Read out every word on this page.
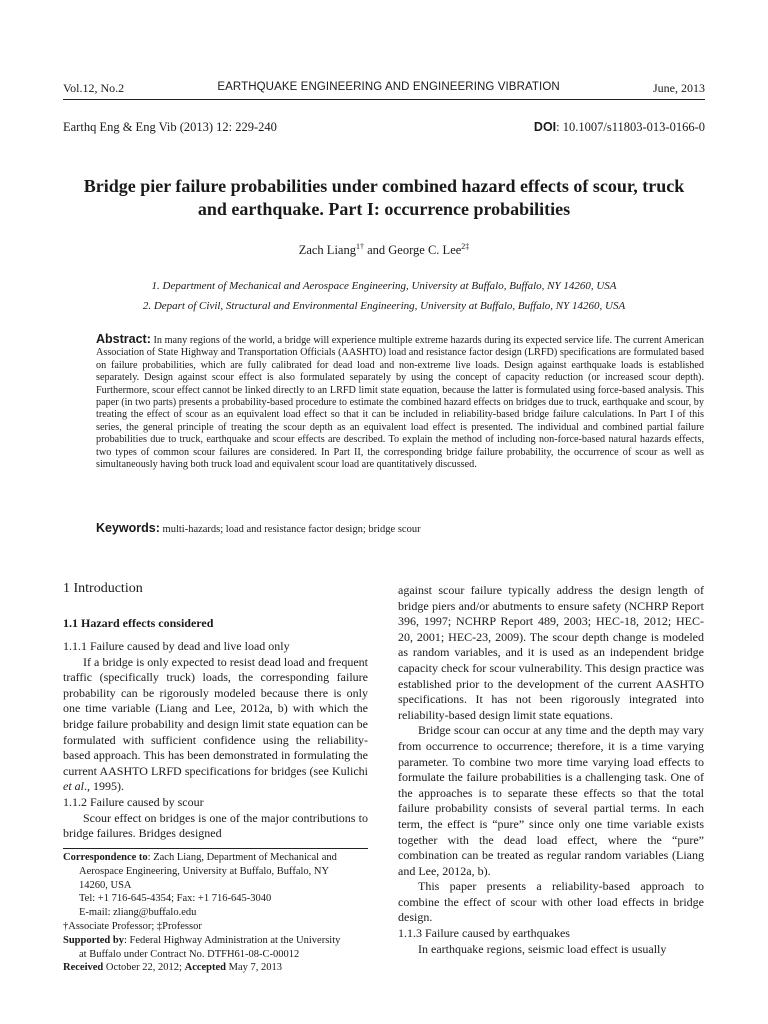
Vol.12, No.2	EARTHQUAKE ENGINEERING AND ENGINEERING VIBRATION	June, 2013
Earthq Eng & Eng Vib (2013) 12: 229-240	DOI: 10.1007/s11803-013-0166-0
Bridge pier failure probabilities under combined hazard effects of scour, truck and earthquake. Part I: occurrence probabilities
Zach Liang$^{1\dagger}$ and George C. Lee$^{2\ddagger}$
1. Department of Mechanical and Aerospace Engineering, University at Buffalo, Buffalo, NY 14260, USA
2. Depart of Civil, Structural and Environmental Engineering, University at Buffalo, Buffalo, NY 14260, USA
Abstract: In many regions of the world, a bridge will experience multiple extreme hazards during its expected service life. The current American Association of State Highway and Transportation Officials (AASHTO) load and resistance factor design (LRFD) specifications are formulated based on failure probabilities, which are fully calibrated for dead load and non-extreme live loads. Design against earthquake loads is established separately. Design against scour effect is also formulated separately by using the concept of capacity reduction (or increased scour depth). Furthermore, scour effect cannot be linked directly to an LRFD limit state equation, because the latter is formulated using force-based analysis. This paper (in two parts) presents a probability-based procedure to estimate the combined hazard effects on bridges due to truck, earthquake and scour, by treating the effect of scour as an equivalent load effect so that it can be included in reliability-based bridge failure calculations. In Part I of this series, the general principle of treating the scour depth as an equivalent load effect is presented. The individual and combined partial failure probabilities due to truck, earthquake and scour effects are described. To explain the method of including non-force-based natural hazards effects, two types of common scour failures are considered. In Part II, the corresponding bridge failure probability, the occurrence of scour as well as simultaneously having both truck load and equivalent scour load are quantitatively discussed.
Keywords: multi-hazards; load and resistance factor design; bridge scour
1 Introduction
1.1 Hazard effects considered

1.1.1 Failure caused by dead and live load only

If a bridge is only expected to resist dead load and frequent traffic (specifically truck) loads, the corresponding failure probability can be rigorously modeled because there is only one time variable (Liang and Lee, 2012a, b) with which the bridge failure probability and design limit state equation can be formulated with sufficient confidence using the reliability-based approach. This has been demonstrated in formulating the current AASHTO LRFD specifications for bridges (see Kulichi et al., 1995).

1.1.2 Failure caused by scour

Scour effect on bridges is one of the major contributions to bridge failures. Bridges designed

Correspondence to: Zach Liang, Department of Mechanical and
Aerospace Engineering, University at Buffalo, Buffalo, NY
14260, USA
Tel: +1 716-645-4354; Fax: +1 716-645-3040
E-mail: zliang@buffalo.edu
†Associate Professor; ‡Professor
Supported by: Federal Highway Administration at the University
at Buffalo under Contract No. DTFH61-08-C-00012
Received October 22, 2012; Accepted May 7, 2013

against scour failure typically address the design length of bridge piers and/or abutments to ensure safety (NCHRP Report 396, 1997; NCHRP Report 489, 2003; HEC-18, 2012; HEC-20, 2001; HEC-23, 2009). The scour depth change is modeled as random variables, and it is used as an independent bridge capacity check for scour vulnerability. This design practice was established prior to the development of the current AASHTO specifications. It has not been rigorously integrated into reliability-based design limit state equations.

Bridge scour can occur at any time and the depth may vary from occurrence to occurrence; therefore, it is a time varying parameter. To combine two more time varying load effects to formulate the failure probabilities is a challenging task. One of the approaches is to separate these effects so that the total failure probability consists of several partial terms. In each term, the effect is “pure” since only one time variable exists together with the dead load effect, where the “pure” combination can be treated as regular random variables (Liang and Lee, 2012a, b).

This paper presents a reliability-based approach to combine the effect of scour with other load effects in bridge design.

1.1.3 Failure caused by earthquakes

In earthquake regions, seismic load effect is usually
